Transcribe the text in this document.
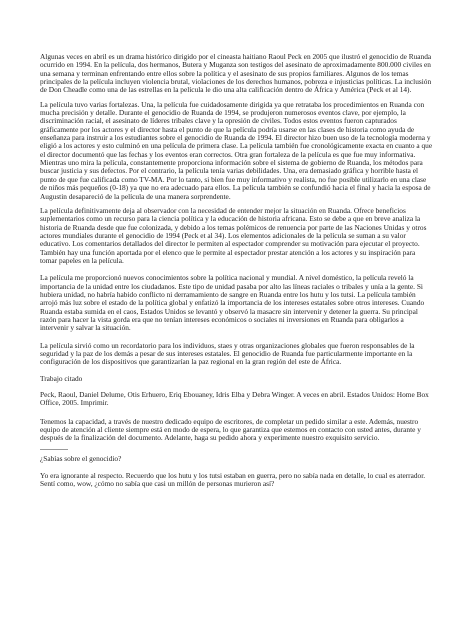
Algunas veces en abril es un drama histórico dirigido por el cineasta haitiano Raoul Peck en 2005 que ilustró el genocidio de Ruanda ocurrido en 1994. En la película, dos hermanos, Butera y Muganza son testigos del asesinato de aproximadamente 800.000 civiles en una semana y terminan enfrentando entre ellos sobre la política y el asesinato de sus propios familiares. Algunos de los temas principales de la película incluyen violencia brutal, violaciones de los derechos humanos, pobreza e injusticias políticas. La inclusión de Don Cheadle como una de las estrellas en la película le dio una alta calificación dentro de África y América (Peck et al 14).

La película tuvo varias fortalezas. Una, la película fue cuidadosamente dirigida ya que retrataba los procedimientos en Ruanda con mucha precisión y detalle. Durante el genocidio de Ruanda de 1994, se produjeron numerosos eventos clave, por ejemplo, la discriminación racial, el asesinato de líderes tribales clave y la opresión de civiles. Todos estos eventos fueron capturados gráficamente por los actores y el director hasta el punto de que la película podría usarse en las clases de historia como ayuda de enseñanza para instruir a los estudiantes sobre el genocidio de Ruanda de 1994. El director hizo buen uso de la tecnología moderna y eligió a los actores y esto culminó en una película de primera clase. La película también fue cronológicamente exacta en cuanto a que el director documentó que las fechas y los eventos eran correctos. Otra gran fortaleza de la película es que fue muy informativa. Mientras uno mira la película, constantemente proporciona información sobre el sistema de gobierno de Ruanda, los métodos para buscar justicia y sus defectos. Por el contrario, la película tenía varias debilidades. Una, era demasiado gráfica y horrible hasta el punto de que fue calificada como TV-MA. Por lo tanto, si bien fue muy informativo y realista, no fue posible utilizarlo en una clase de niños más pequeños (0-18) ya que no era adecuado para ellos. La película también se confundió hacia el final y hacia la esposa de Augustin desapareció de la película de una manera sorprendente.

La película definitivamente deja al observador con la necesidad de entender mejor la situación en Ruanda. Ofrece beneficios suplementarios como un recurso para la ciencia política y la educación de historia africana. Esto se debe a que en breve analiza la historia de Ruanda desde que fue colonizada, y debido a los temas polémicos de renuencia por parte de las Naciones Unidas y otros actores mundiales durante el genocidio de 1994 (Peck et al 34). Los elementos adicionales de la película se suman a su valor educativo. Los comentarios detallados del director le permiten al espectador comprender su motivación para ejecutar el proyecto. También hay una función aportada por el elenco que le permite al espectador prestar atención a los actores y su inspiración para tomar papeles en la película.

La película me proporcionó nuevos conocimientos sobre la política nacional y mundial. A nivel doméstico, la película reveló la importancia de la unidad entre los ciudadanos. Este tipo de unidad pasaba por alto las líneas raciales o tribales y unía a la gente. Si hubiera unidad, no habría habido conflicto ni derramamiento de sangre en Ruanda entre los hutu y los tutsi. La película también arrojó más luz sobre el estado de la política global y enfatizó la importancia de los intereses estatales sobre otros intereses. Cuando Ruanda estaba sumida en el caos, Estados Unidos se levantó y observó la masacre sin intervenir y detener la guerra. Su principal razón para hacer la vista gorda era que no tenían intereses económicos o sociales ni inversiones en Ruanda para obligarlos a intervenir y salvar la situación.

La película sirvió como un recordatorio para los individuos, staes y otras organizaciones globales que fueron responsables de la seguridad y la paz de los demás a pesar de sus intereses estatales. El genocidio de Ruanda fue particularmente importante en la configuración de los dispositivos que garantizarían la paz regional en la gran región del este de África.

Trabajo citado

Peck, Raoul, Daniel Delume, Otis Erhuero, Eriq Ebouaney, Idris Elba y Debra Winger. A veces en abril. Estados Unidos: Home Box Office, 2005. Imprimir.

Tenemos la capacidad, a través de nuestro dedicado equipo de escritores, de completar un pedido similar a este. Además, nuestro equipo de atención al cliente siempre está en modo de espera, lo que garantiza que estemos en contacto con usted antes, durante y después de la finalización del documento. Adelante, haga su pedido ahora y experimente nuestro exquisito servicio.

¿Sabías sobre el genocidio?

Yo era ignorante al respecto. Recuerdo que los hutu y los tutsi estaban en guerra, pero no sabía nada en detalle, lo cual es aterrador. Sentí como, wow, ¿cómo no sabía que casi un millón de personas murieron así?
